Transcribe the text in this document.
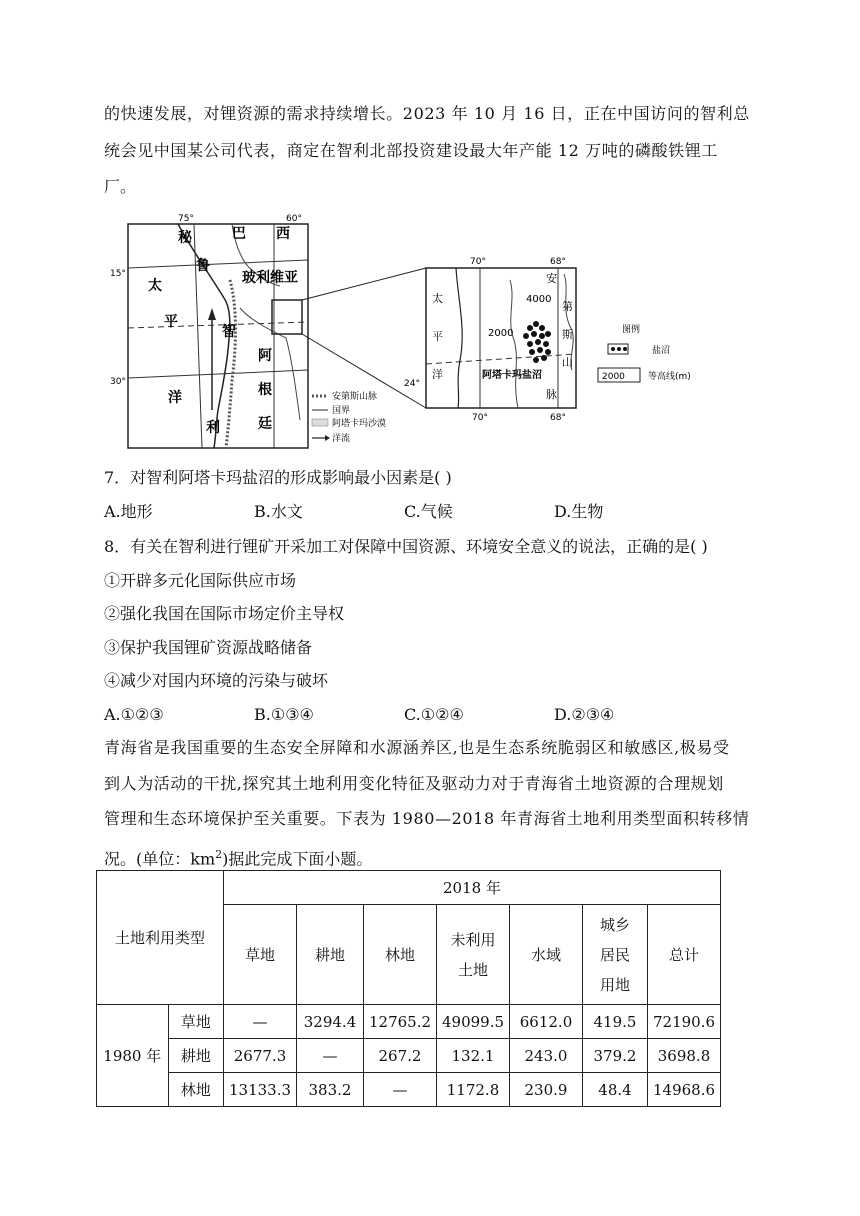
的快速发展，对锂资源的需求持续增长。2023 年 10 月 16 日，正在中国访问的智利总
统会见中国某公司代表，商定在智利北部投资建设最大年产能 12 万吨的磷酸铁锂工
厂。
75°	60°
15°
30°
秘
鲁
巴 西
玻利维亚
智
利
阿
根
廷
太
平
洋	安第斯山脉
国界
阿塔卡玛沙漠
洋流
70°	68°
70°	68°
24°
太
平
洋
安
第
斯
山
脉
4000
2000
阿塔卡玛盐沼
图例
盐沼
2000	等高线(m)
7．对智利阿塔卡玛盐沼的形成影响最小因素是( )
A.地形	B.水文	C.气候	D.生物
8．有关在智利进行锂矿开采加工对保障中国资源、环境安全意义的说法，正确的是( )
①开辟多元化国际供应市场
②强化我国在国际市场定价主导权
③保护我国锂矿资源战略储备
④减少对国内环境的污染与破坏
A.①②③	B.①③④	C.①②④	D.②③④
青海省是我国重要的生态安全屏障和水源涵养区,也是生态系统脆弱区和敏感区,极易受
到人为活动的干扰,探究其土地利用变化特征及驱动力对于青海省土地资源的合理规划
管理和生态环境保护至关重要。下表为 1980—2018 年青海省土地利用类型面积转移情
况。(单位：$km^2$)据此完成下面小题。
土地利用类型		2018 年						
		草地	耕地	林地	未利用
土地	水域	城乡
居民
用地	总计
1980 年	草地	—	3294.4	12765.2	49099.5	6612.0	419.5	72190.6
	耕地	2677.3	—	267.2	132.1	243.0	379.2	3698.8
	林地	13133.3	383.2	—	1172.8	230.9	48.4	14968.6
